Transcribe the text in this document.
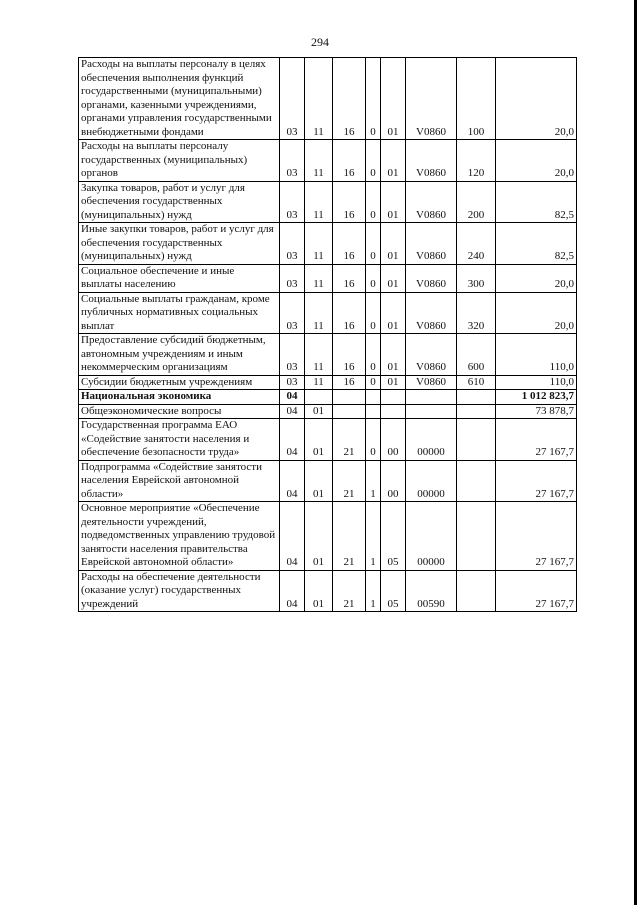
294
Расходы на выплаты персоналу в целях обеспечения выполнения функций государственными (муниципальными) органами, казенными учреждениями, органами управления государственными внебюджетными фондами	03	11	16	0	01	V0860	100	20,0
Расходы на выплаты персоналу государственных (муниципальных) органов	03	11	16	0	01	V0860	120	20,0
Закупка товаров, работ и услуг для обеспечения государственных (муниципальных) нужд	03	11	16	0	01	V0860	200	82,5
Иные закупки товаров, работ и услуг для обеспечения государственных (муниципальных) нужд	03	11	16	0	01	V0860	240	82,5
Социальное обеспечение и иные выплаты населению	03	11	16	0	01	V0860	300	20,0
Социальные выплаты гражданам, кроме публичных нормативных социальных выплат	03	11	16	0	01	V0860	320	20,0
Предоставление субсидий бюджетным, автономным учреждениям и иным некоммерческим организациям	03	11	16	0	01	V0860	600	110,0
Субсидии бюджетным учреждениям	03	11	16	0	01	V0860	610	110,0
Национальная экономика	04							1 012 823,7
Общеэкономические вопросы	04	01						73 878,7
Государственная программа ЕАО «Содействие занятости населения и обеспечение безопасности труда»	04	01	21	0	00	00000		27 167,7
Подпрограмма «Содействие занятости населения Еврейской автономной области»	04	01	21	1	00	00000		27 167,7
Основное мероприятие «Обеспечение деятельности учреждений, подведомственных управлению трудовой занятости населения правительства Еврейской автономной области»	04	01	21	1	05	00000		27 167,7
Расходы на обеспечение деятельности (оказание услуг) государственных учреждений	04	01	21	1	05	00590		27 167,7
